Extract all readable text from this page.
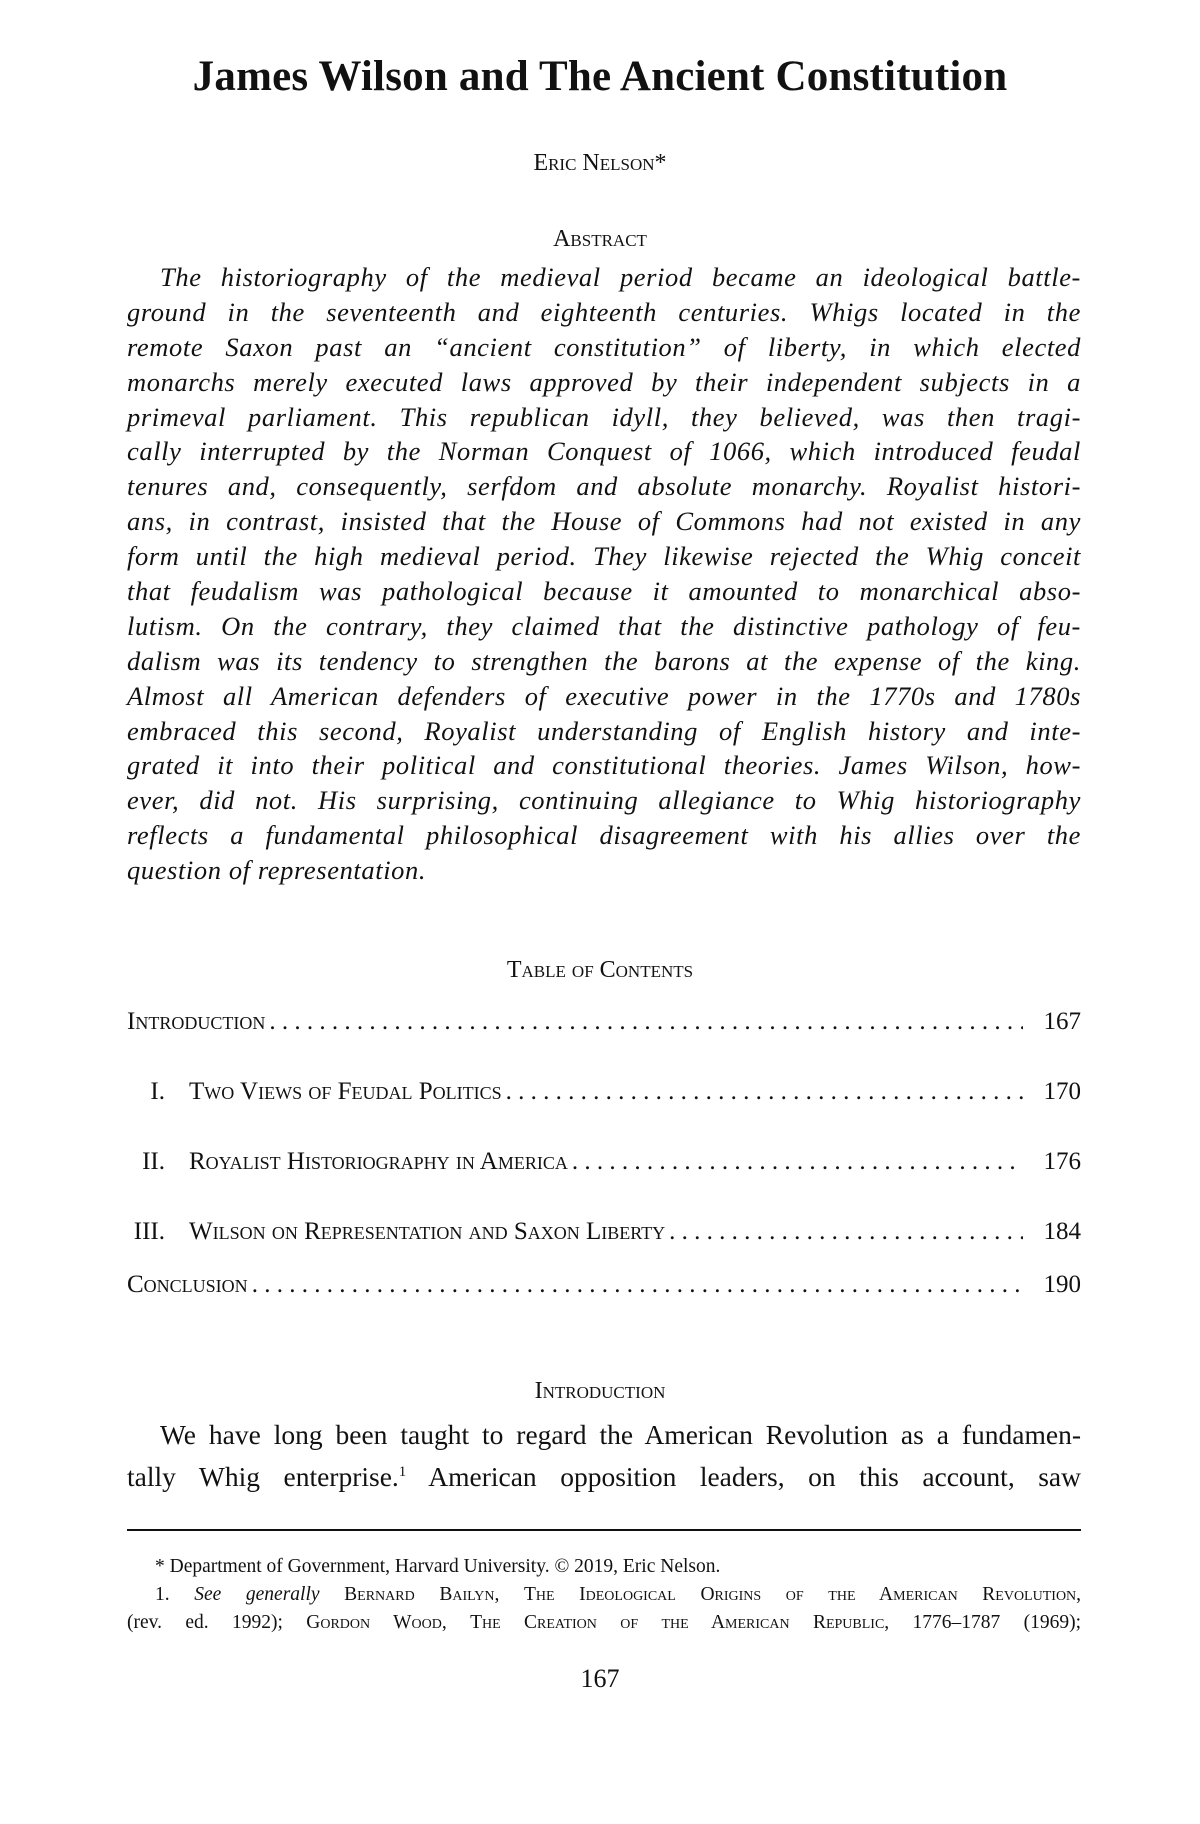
James Wilson and The Ancient Constitution
Eric Nelson*
Abstract
The historiography of the medieval period became an ideological battle-
ground in the seventeenth and eighteenth centuries. Whigs located in the
remote Saxon past an “ancient constitution” of liberty, in which elected
monarchs merely executed laws approved by their independent subjects in a
primeval parliament. This republican idyll, they believed, was then tragi-
cally interrupted by the Norman Conquest of 1066, which introduced feudal
tenures and, consequently, serfdom and absolute monarchy. Royalist histori-
ans, in contrast, insisted that the House of Commons had not existed in any
form until the high medieval period. They likewise rejected the Whig conceit
that feudalism was pathological because it amounted to monarchical abso-
lutism. On the contrary, they claimed that the distinctive pathology of feu-
dalism was its tendency to strengthen the barons at the expense of the king.
Almost all American defenders of executive power in the 1770s and 1780s
embraced this second, Royalist understanding of English history and inte-
grated it into their political and constitutional theories. James Wilson, how-
ever, did not. His surprising, continuing allegiance to Whig historiography
reflects a fundamental philosophical disagreement with his allies over the
question of representation.
Table of Contents
Introduction . . .	167
I. Two Views of Feudal Politics . . .	170
II. Royalist Historiography in America . . .	176
III. Wilson on Representation and Saxon Liberty . . .	184
Conclusion . . .	190
Introduction
We have long been taught to regard the American Revolution as a fundamen-
tally Whig enterprise.$^1$ American opposition leaders, on this account, saw
* Department of Government, Harvard University. © 2019, Eric Nelson.
1. See generally Bernard Bailyn, The Ideological Origins of the American Revolution,
(rev. ed. 1992); Gordon Wood, The Creation of the American Republic, 1776–1787 (1969);
167
